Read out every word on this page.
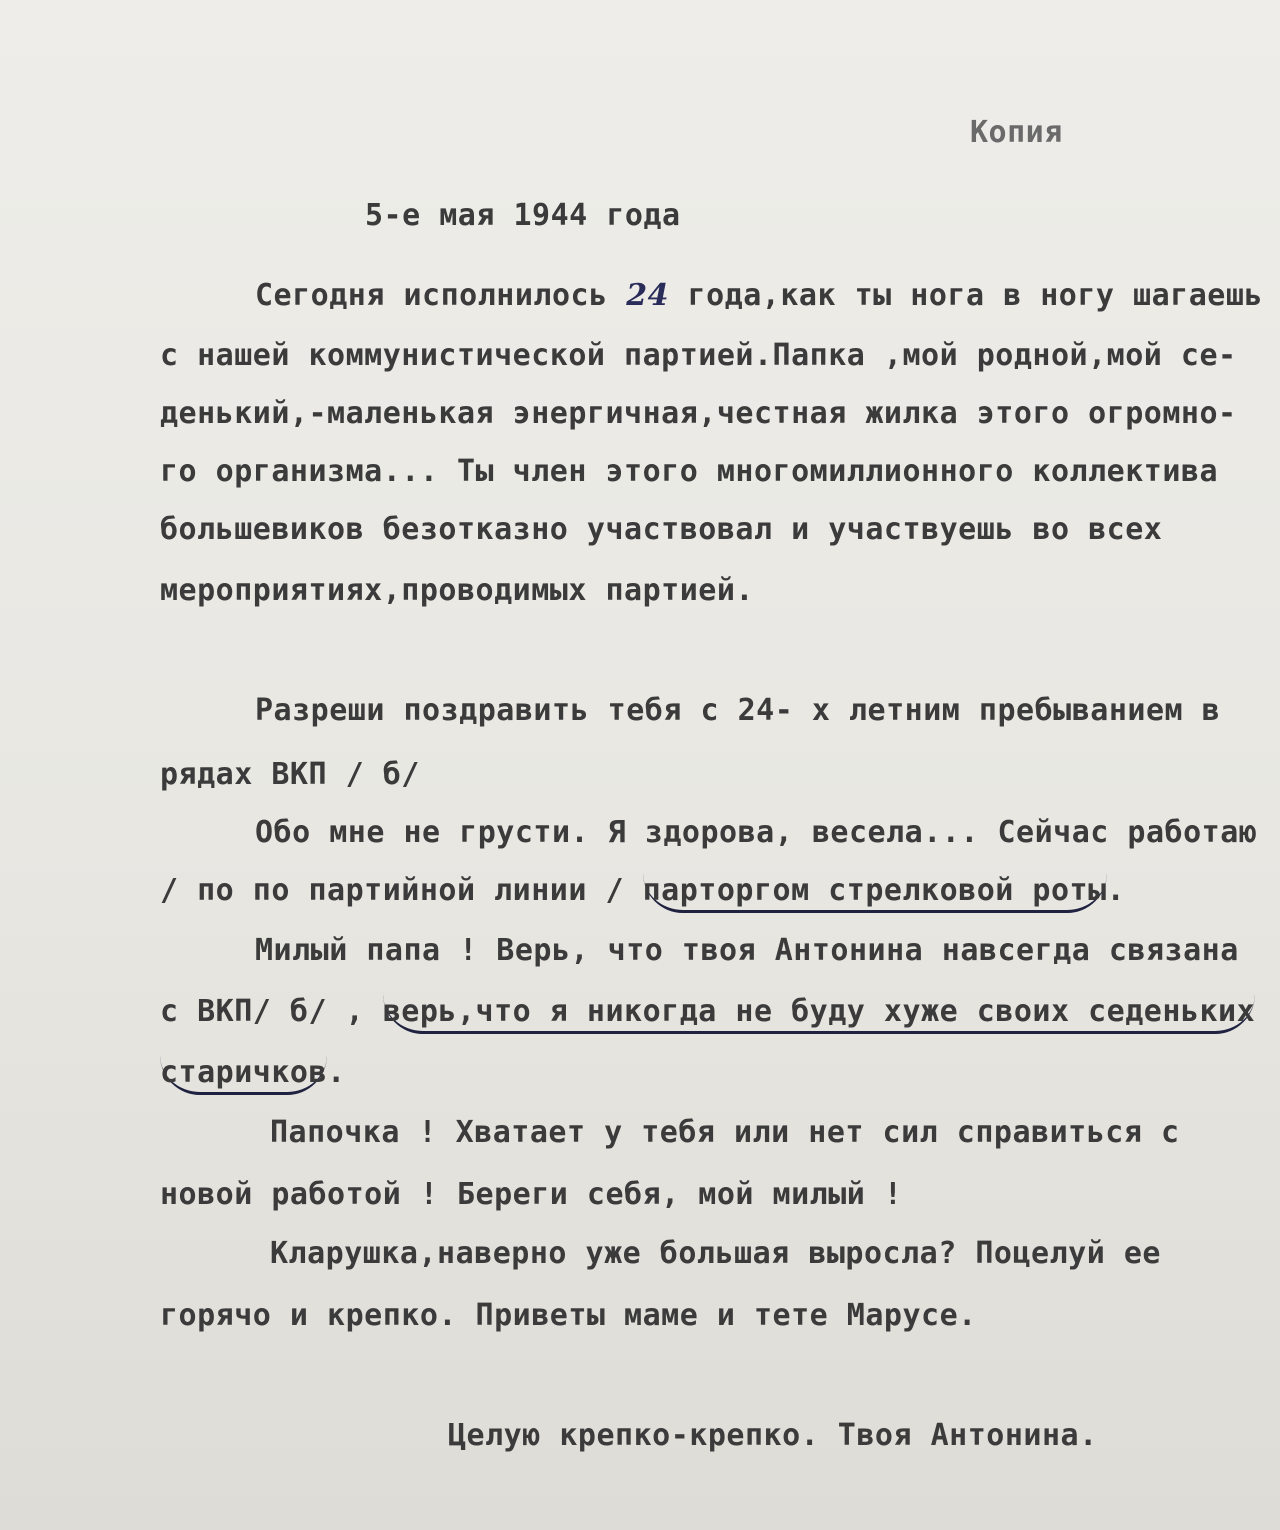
Копия
5-е мая 1944 года
Сегодня исполнилось 24 года,как ты нога в ногу шагаешь
с нашей коммунистической партией.Папка ,мой родной,мой се-
денький,-маленькая энергичная,честная жилка этого огромно-
го организма... Ты член этого многомиллионного коллектива
большевиков безотказно участвовал и участвуешь во всех
мероприятиях,проводимых партией.
Разреши поздравить тебя с 24- х летним пребыванием в
рядах ВКП / б/
Обо мне не грусти. Я здорова, весела... Сейчас работаю
/ по по партийной линии / парторгом стрелковой роты.
Милый папа ! Верь, что твоя Антонина навсегда связана
с ВКП/ б/ , верь,что я никогда не буду хуже своих седеньких
старичков.
Папочка ! Хватает у тебя или нет сил справиться с
новой работой ! Береги себя, мой милый !
Кларушка,наверно уже большая выросла? Поцелуй ее
горячо и крепко. Приветы маме и тете Марусе.
Целую крепко-крепко. Твоя Антонина.
